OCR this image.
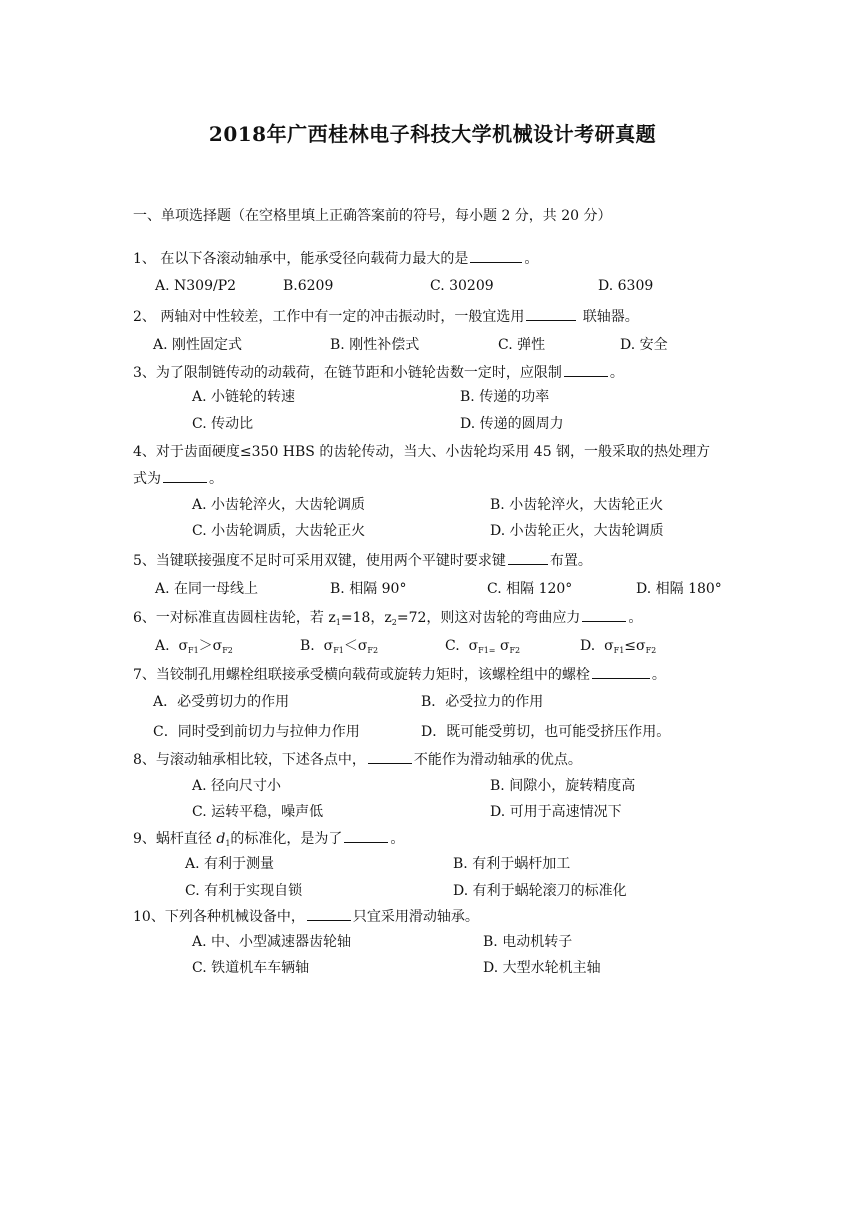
2018年广西桂林电子科技大学机械设计考研真题
一、单项选择题（在空格里填上正确答案前的符号，每小题 2 分，共 20 分）
1、 在以下各滚动轴承中，能承受径向载荷力最大的是	。
A. N309/P2	B.6209	C. 30209	D. 6309
2、 两轴对中性较差，工作中有一定的冲击振动时，一般宜选用	联轴器。
A. 刚性固定式	B. 刚性补偿式	C. 弹性	D. 安全
3、为了限制链传动的动载荷，在链节距和小链轮齿数一定时，应限制	。
A. 小链轮的转速	B. 传递的功率
C. 传动比	D. 传递的圆周力
4、对于齿面硬度≤350 HBS 的齿轮传动，当大、小齿轮均采用 45 钢，一般采取的热处理方
式为	。
A. 小齿轮淬火，大齿轮调质	B. 小齿轮淬火，大齿轮正火
C. 小齿轮调质，大齿轮正火	D. 小齿轮正火，大齿轮调质
5、当键联接强度不足时可采用双键，使用两个平键时要求键	布置。
A. 在同一母线上	B. 相隔 90°	C. 相隔 120°	D. 相隔 180°
6、一对标准直齿圆柱齿轮，若 $z_1=18$，$z_2=72$，则这对齿轮的弯曲应力	。
A. $\sigma_{F1}>\sigma_{F2}$	B. $\sigma_{F1}<\sigma_{F2}$	C. $\sigma_{F1=}$ $\sigma_{F2}$	D. $\sigma_{F1}\le\sigma_{F2}$
7、当铰制孔用螺栓组联接承受横向载荷或旋转力矩时，该螺栓组中的螺栓	。
A．必受剪切力的作用	B．必受拉力的作用
C．同时受到前切力与拉伸力作用	D．既可能受剪切，也可能受挤压作用。
8、与滚动轴承相比较，下述各点中，	不能作为滑动轴承的优点。
A. 径向尺寸小	B. 间隙小，旋转精度高
C. 运转平稳，噪声低	D. 可用于高速情况下
9、蜗杆直径 $d_1$的标准化，是为了	。
A. 有利于测量	B. 有利于蜗杆加工
C. 有利于实现自锁	D. 有利于蜗轮滚刀的标准化
10、下列各种机械设备中，	只宜采用滑动轴承。
A. 中、小型减速器齿轮轴	B. 电动机转子
C. 铁道机车车辆轴	D. 大型水轮机主轴
